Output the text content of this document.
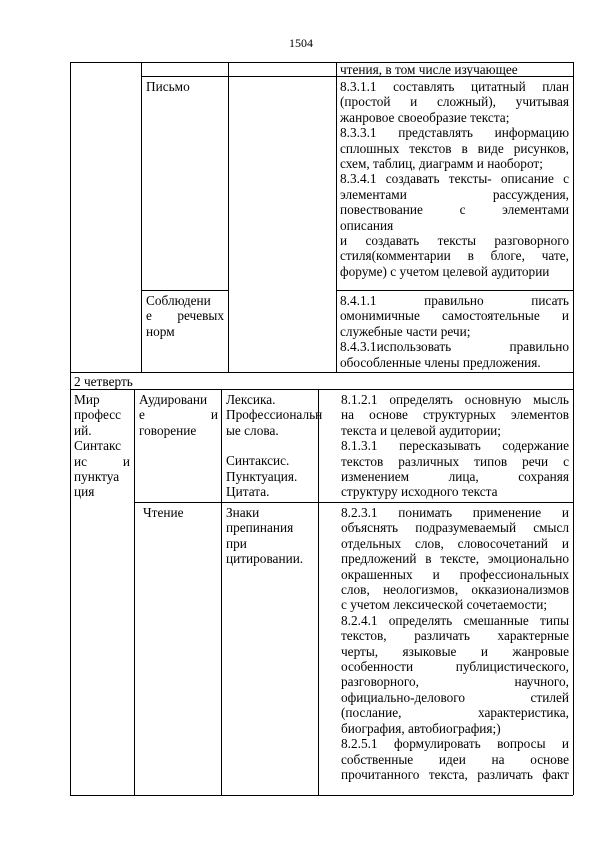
1504
чтения, в том числе изучающее
Письмо	8.3.1.1 составлять цитатный план
(простой и сложный), учитывая
жанровое своеобразие текста;
8.3.3.1 представлять информацию
сплошных текстов в виде рисунков,
схем, таблиц, диаграмм и наоборот;
8.3.4.1 создавать тексты- описание с
элементами рассуждения,
повествование с элементами
описания
и создавать тексты разговорного
стиля(комментарии в блоге, чате,
форуме) с учетом целевой аудитории
Соблюдени
е речевых
норм
8.4.1.1 правильно писать
омонимичные самостоятельные и
служебные части речи;
8.4.3.1использовать правильно
обособленные члены предложения.
2 четверть
Мир
професс
ий.
Синтакс
ис и
пунктуа
ция
Аудировани
е и
говорение
Лексика.
Профессиональн
ые слова.
Синтаксис.
Пунктуация.
Цитата.
8.1.2.1 определять основную мысль
на основе структурных элементов
текста и целевой аудитории;
8.1.3.1 пересказывать содержание
текстов различных типов речи с
изменением лица, сохраняя
структуру исходного текста
Чтение	Знаки
препинания при
цитировании.
8.2.3.1 понимать применение и
объяснять подразумеваемый смысл
отдельных слов, словосочетаний и
предложений в тексте, эмоционально
окрашенных и профессиональных
слов, неологизмов, окказионализмов
с учетом лексической сочетаемости;
8.2.4.1 определять смешанные типы
текстов, различать характерные
черты, языковые и жанровые
особенности публицистического,
разговорного, научного,
официально-делового стилей
(послание, характеристика,
биография, автобиография;)
8.2.5.1 формулировать вопросы и
собственные идеи на основе
прочитанного текста, различать факт
